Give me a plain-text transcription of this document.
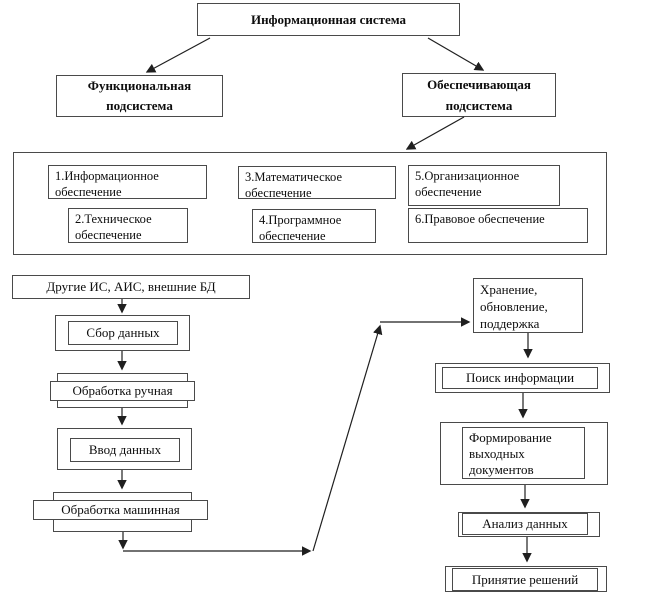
Информационная система
Функциональная
подсистема
Обеспечивающая
подсистема
1.Информационное обеспечение
3.Математическое обеспечение
5.Организационное обеспечение
2.Техническое обеспечение
4.Программное обеспечение
6.Правовое обеспечение
Другие ИС, АИС, внешние БД
Сбор данных
Обработка ручная
Ввод данных
Обработка машинная
Хранение, обновление, поддержка
Поиск информации
Формирование выходных документов
Анализ данных
Принятие решений
